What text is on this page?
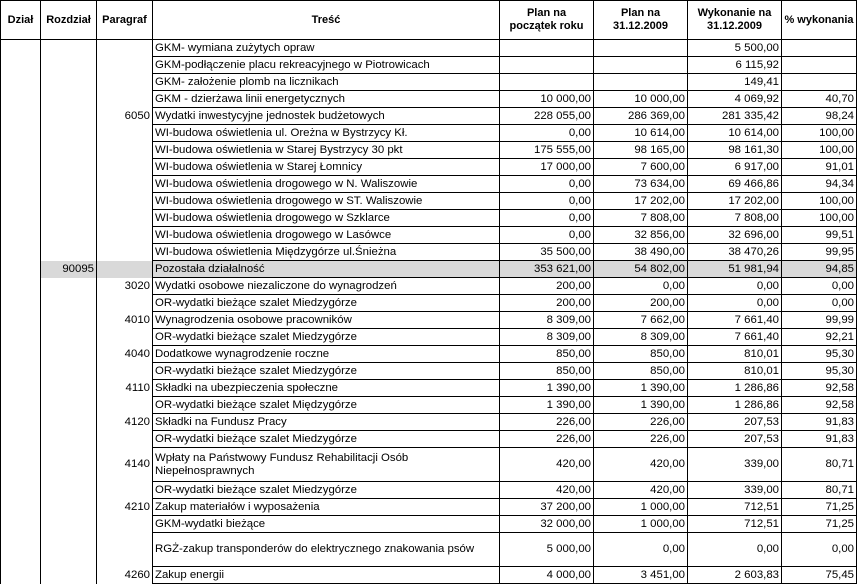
Dział	Rozdział	Paragraf	Treść	Plan na początek roku	Plan na 31.12.2009	Wykonanie na 31.12.2009	% wykonania
			GKM- wymiana zużytych opraw			5 500,00	
			GKM-podłączenie placu rekreacyjnego w Piotrowicach			6 115,92	
			GKM- założenie plomb na licznikach			149,41	
			GKM - dzierżawa linii energetycznych	10 000,00	10 000,00	4 069,92	40,70
		6050	Wydatki inwestycyjne jednostek budżetowych	228 055,00	286 369,00	281 335,42	98,24
			WI-budowa oświetlenia ul. Oreżna w Bystrzycy Kł.	0,00	10 614,00	10 614,00	100,00
			WI-budowa oświetlenia w Starej Bystrzycy 30 pkt	175 555,00	98 165,00	98 161,30	100,00
			WI-budowa oświetlenia w Starej Łomnicy	17 000,00	7 600,00	6 917,00	91,01
			WI-budowa oświetlenia drogowego w N. Waliszowie	0,00	73 634,00	69 466,86	94,34
			WI-budowa oświetlenia drogowego w ST. Waliszowie	0,00	17 202,00	17 202,00	100,00
			WI-budowa oświetlenia drogowego w Szklarce	0,00	7 808,00	7 808,00	100,00
			WI-budowa oświetlenia drogowego w Lasówce	0,00	32 856,00	32 696,00	99,51
			WI-budowa oświetlenia Międzygórze ul.Śnieżna	35 500,00	38 490,00	38 470,26	99,95
	90095		Pozostała działalność	353 621,00	54 802,00	51 981,94	94,85
		3020	Wydatki osobowe niezaliczone do wynagrodzeń	200,00	0,00	0,00	0,00
			OR-wydatki bieżące szalet Miedzygórze	200,00	200,00	0,00	0,00
		4010	Wynagrodzenia osobowe pracowników	8 309,00	7 662,00	7 661,40	99,99
			OR-wydatki bieżące szalet Miedzygórze	8 309,00	8 309,00	7 661,40	92,21
		4040	Dodatkowe wynagrodzenie roczne	850,00	850,00	810,01	95,30
			OR-wydatki bieżące szalet Miedzygórze	850,00	850,00	810,01	95,30
		4110	Składki na ubezpieczenia społeczne	1 390,00	1 390,00	1 286,86	92,58
			OR-wydatki bieżące szalet Międzygórze	1 390,00	1 390,00	1 286,86	92,58
		4120	Składki na Fundusz Pracy	226,00	226,00	207,53	91,83
			OR-wydatki bieżące szalet Miedzygórze	226,00	226,00	207,53	91,83
		4140	Wpłaty na Państwowy Fundusz Rehabilitacji Osób Niepełnosprawnych	420,00	420,00	339,00	80,71
			OR-wydatki bieżące szalet Miedzygórze	420,00	420,00	339,00	80,71
		4210	Zakup materiałów i wyposażenia	37 200,00	1 000,00	712,51	71,25
			GKM-wydatki bieżące	32 000,00	1 000,00	712,51	71,25
			RGŻ-zakup transponderów do elektrycznego znakowania psów	5 000,00	0,00	0,00	0,00
		4260	Zakup energii	4 000,00	3 451,00	2 603,83	75,45
